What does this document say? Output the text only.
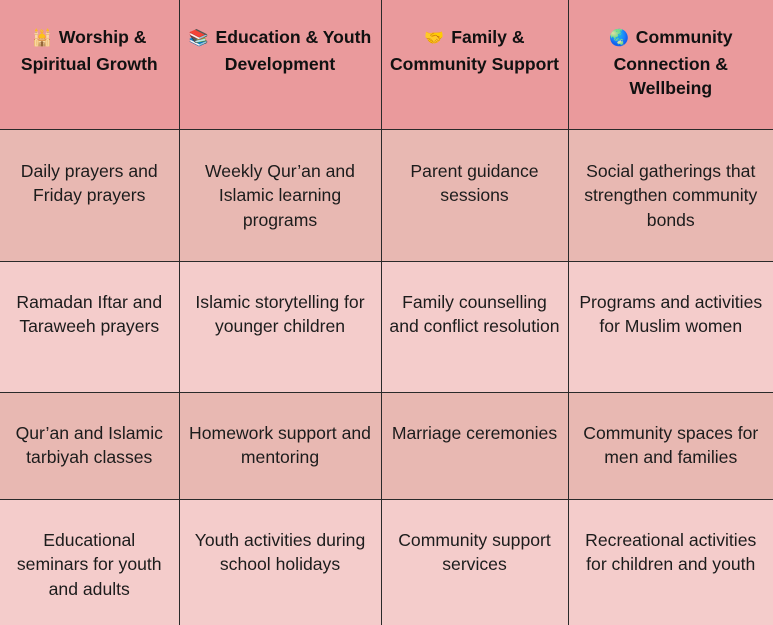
🕌 Worship & Spiritual Growth	📚 Education & Youth Development	🤝 Family & Community Support	🌏 Community Connection & Wellbeing
Daily prayers and Friday prayers	Weekly Qur’an and Islamic learning programs	Parent guidance sessions	Social gatherings that strengthen community bonds
Ramadan Iftar and Taraweeh prayers	Islamic storytelling for younger children	Family counselling and conflict resolution	Programs and activities for Muslim women
Qur’an and Islamic tarbiyah classes	Homework support and mentoring	Marriage ceremonies	Community spaces for men and families
Educational seminars for youth and adults	Youth activities during school holidays	Community support services	Recreational activities for children and youth
